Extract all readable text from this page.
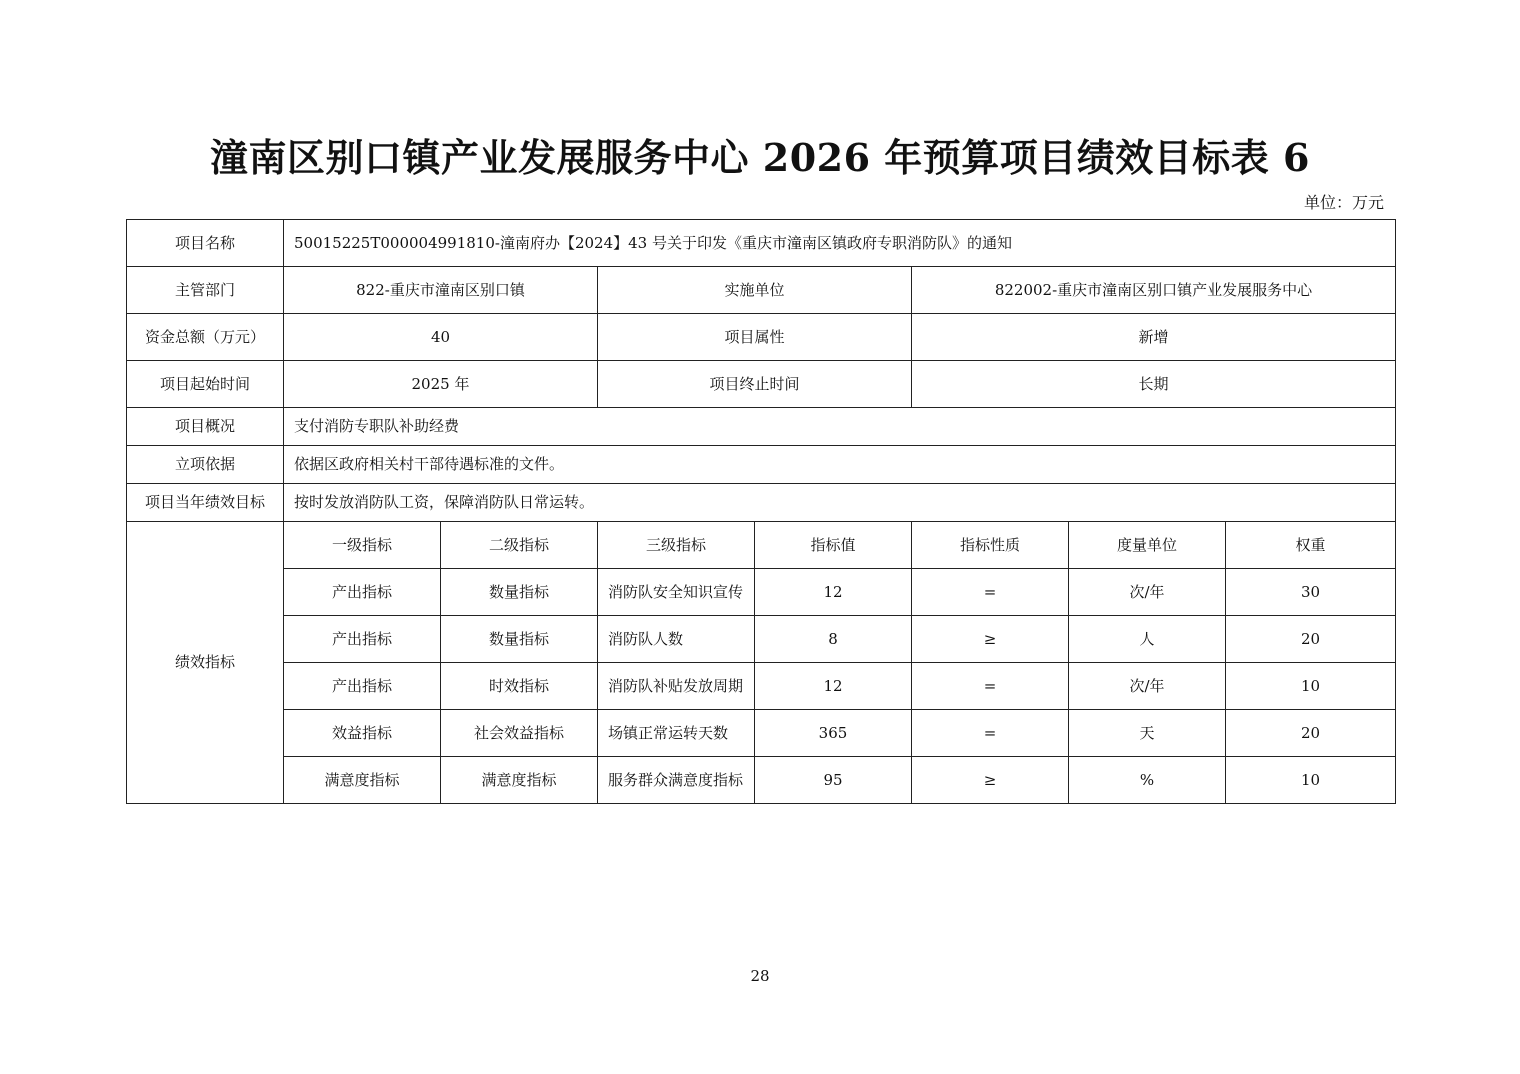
潼南区别口镇产业发展服务中心 2026 年预算项目绩效目标表 6
单位：万元
项目名称	50015225T000004991810-潼南府办【2024】43 号关于印发《重庆市潼南区镇政府专职消防队》的通知						
主管部门	822-重庆市潼南区别口镇		实施单位		822002-重庆市潼南区别口镇产业发展服务中心		
资金总额（万元）	40		项目属性		新增		
项目起始时间	2025 年		项目终止时间		长期		
项目概况	支付消防专职队补助经费						
立项依据	依据区政府相关村干部待遇标准的文件。						
项目当年绩效目标	按时发放消防队工资，保障消防队日常运转。						
绩效指标	一级指标	二级指标	三级指标	指标值	指标性质	度量单位	权重
	产出指标	数量指标	消防队安全知识宣传	12	=	次/年	30
	产出指标	数量指标	消防队人数	8	≥	人	20
	产出指标	时效指标	消防队补贴发放周期	12	=	次/年	10
	效益指标	社会效益指标	场镇正常运转天数	365	=	天	20
	满意度指标	满意度指标	服务群众满意度指标	95	≥	%	10
28
